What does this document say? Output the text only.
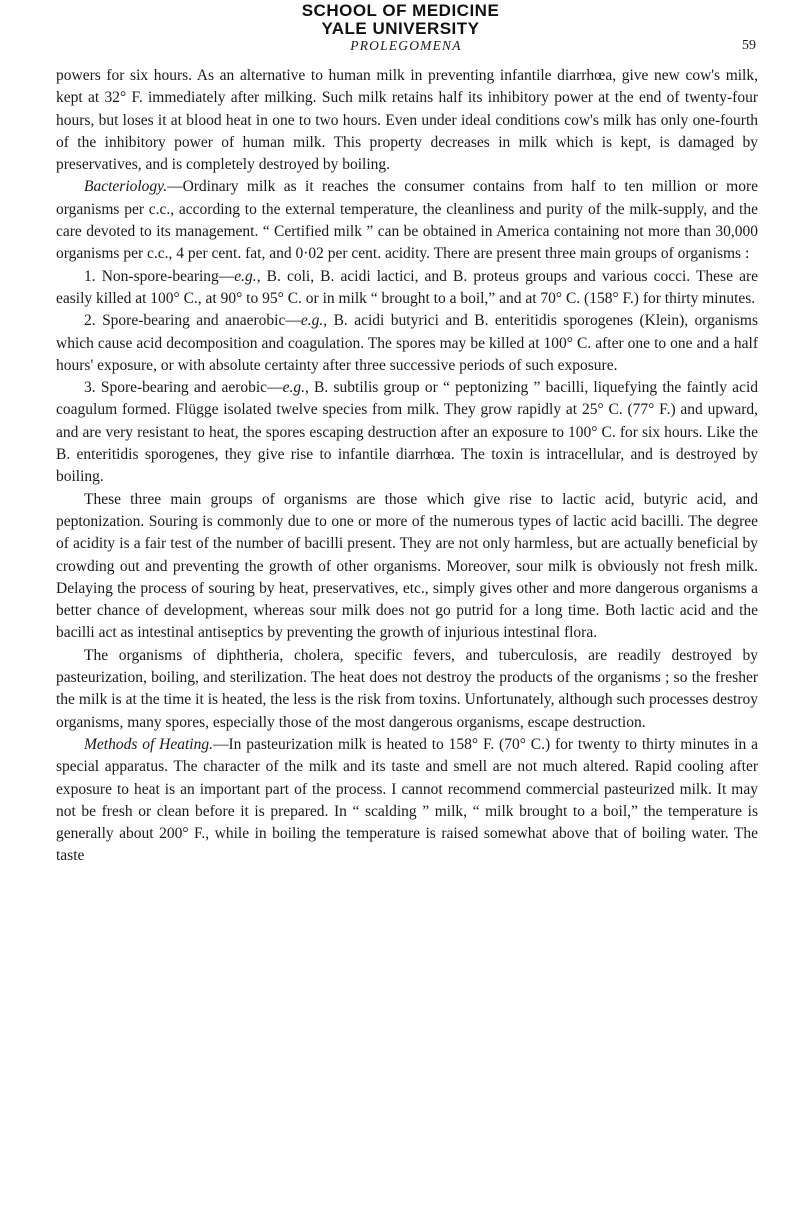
SCHOOL OF MEDICINE
YALE UNIVERSITY
PROLEGOMENA	59

powers for six hours. As an alternative to human milk in preventing infantile diarrhœa, give new cow's milk, kept at 32° F. immediately after milking. Such milk retains half its inhibitory power at the end of twenty-four hours, but loses it at blood heat in one to two hours. Even under ideal conditions cow's milk has only one-fourth of the inhibitory power of human milk. This property decreases in milk which is kept, is damaged by preservatives, and is completely destroyed by boiling.

Bacteriology.—Ordinary milk as it reaches the consumer contains from half to ten million or more organisms per c.c., according to the external temperature, the cleanliness and purity of the milk-supply, and the care devoted to its management. “ Certified milk ” can be obtained in America containing not more than 30,000 organisms per c.c., 4 per cent. fat, and 0·02 per cent. acidity. There are present three main groups of organisms :

1. Non-spore-bearing—e.g., B. coli, B. acidi lactici, and B. proteus groups and various cocci. These are easily killed at 100° C., at 90° to 95° C. or in milk “ brought to a boil,” and at 70° C. (158° F.) for thirty minutes.

2. Spore-bearing and anaerobic—e.g., B. acidi butyrici and B. enteritidis sporogenes (Klein), organisms which cause acid decomposition and coagulation. The spores may be killed at 100° C. after one to one and a half hours' exposure, or with absolute certainty after three successive periods of such exposure.

3. Spore-bearing and aerobic—e.g., B. subtilis group or “ peptonizing ” bacilli, liquefying the faintly acid coagulum formed. Flügge isolated twelve species from milk. They grow rapidly at 25° C. (77° F.) and upward, and are very resistant to heat, the spores escaping destruction after an exposure to 100° C. for six hours. Like the B. enteritidis sporogenes, they give rise to infantile diarrhœa. The toxin is intracellular, and is destroyed by boiling.

These three main groups of organisms are those which give rise to lactic acid, butyric acid, and peptonization. Souring is commonly due to one or more of the numerous types of lactic acid bacilli. The degree of acidity is a fair test of the number of bacilli present. They are not only harmless, but are actually beneficial by crowding out and preventing the growth of other organisms. Moreover, sour milk is obviously not fresh milk. Delaying the process of souring by heat, preservatives, etc., simply gives other and more dangerous organisms a better chance of development, whereas sour milk does not go putrid for a long time. Both lactic acid and the bacilli act as intestinal antiseptics by preventing the growth of injurious intestinal flora.

The organisms of diphtheria, cholera, specific fevers, and tuberculosis, are readily destroyed by pasteurization, boiling, and sterilization. The heat does not destroy the products of the organisms ; so the fresher the milk is at the time it is heated, the less is the risk from toxins. Unfortunately, although such processes destroy organisms, many spores, especially those of the most dangerous organisms, escape destruction.

Methods of Heating.—In pasteurization milk is heated to 158° F. (70° C.) for twenty to thirty minutes in a special apparatus. The character of the milk and its taste and smell are not much altered. Rapid cooling after exposure to heat is an important part of the process. I cannot recommend commercial pasteurized milk. It may not be fresh or clean before it is prepared. In “ scalding ” milk, “ milk brought to a boil,” the temperature is generally about 200° F., while in boiling the temperature is raised somewhat above that of boiling water. The taste
